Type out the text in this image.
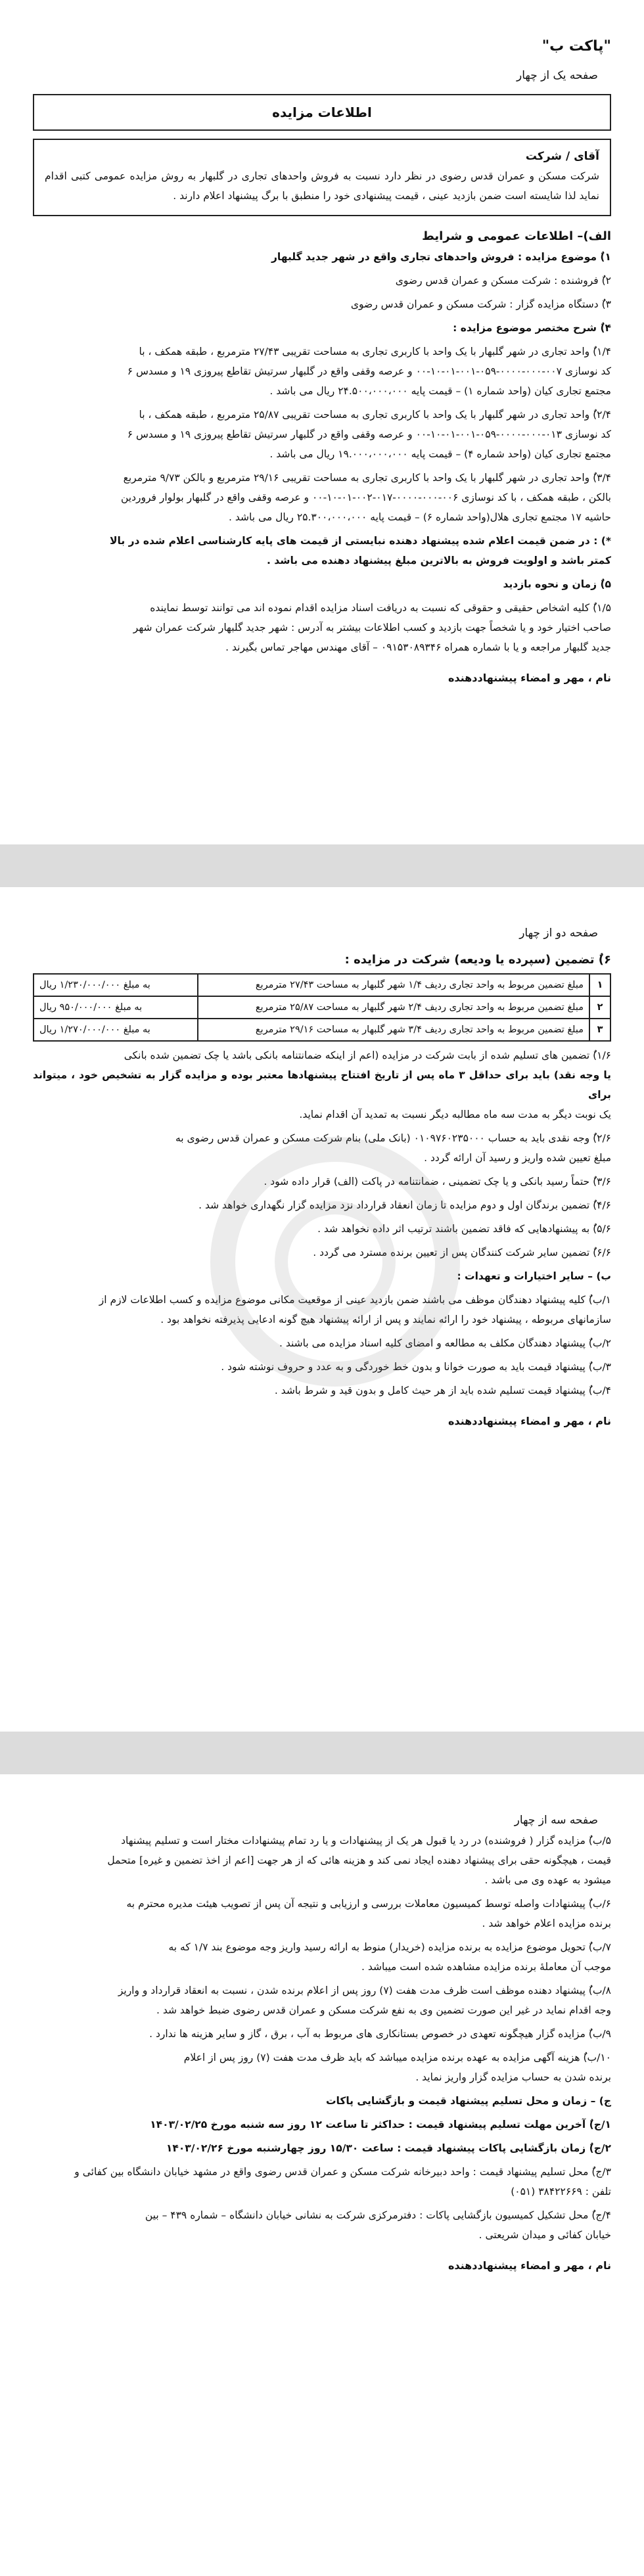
"پاکت ب"
صفحه یک از چهار
اطلاعات مزایده
آقای / شرکت
شرکت مسکن و عمران قدس رضوی در نظر دارد نسبت به فروش واحدهای تجاری در گلبهار به روش مزایده عمومی کتبی اقدام نماید لذا شایسته است ضمن بازدید عینی ، قیمت پیشنهادی خود را منطبق با برگ پیشنهاد اعلام دارند .
الف)– اطلاعات عمومی و شرایط
۱)ٌ موضوع مزایده : فروش واحدهای تجاری واقع در شهر جدید گلبهار
۲)ٌ فروشنده : شرکت مسکن و عمران قدس رضوی
۳)ٌ دستگاه مزایده گزار : شرکت مسکن و عمران قدس رضوی
۴)ٌ شرح مختصر موضوع مزایده :
۱/۴)ٌ واحد تجاری در شهر گلبهار با یک واحد با کاربری تجاری به مساحت تقریبی ۲۷/۴۳ مترمربع ، طبقه همکف ، با
کد نوسازی ۰۰۷-۰۰۰-۰۰۰۰-۰۵۹-۰۰۱-۰۱-۱۰-۰۰ و عرصه وقفی واقع در گلبهار سرتیش تقاطع پیروزی ۱۹ و مسدس ۶
مجتمع تجاری کیان (واحد شماره ۱) – قیمت پایه ۲۴.۵۰۰،۰۰۰،۰۰۰ ریال می باشد .
۲/۴)ٌ واحد تجاری در شهر گلبهار با یک واحد با کاربری تجاری به مساحت تقریبی ۲۵/۸۷ مترمربع ، طبقه همکف ، با
کد نوسازی ۰۱۳-۰۰۰-۰۰۰۰-۰۵۹-۰۰۱-۰۱-۱۰-۰۰ و عرصه وقفی واقع در گلبهار سرتیش تقاطع پیروزی ۱۹ و مسدس ۶
مجتمع تجاری کیان (واحد شماره ۴) – قیمت پایه ۱۹.۰۰۰،۰۰۰،۰۰۰ ریال می باشد .
۳/۴)ٌ واحد تجاری در شهر گلبهار با یک واحد با کاربری تجاری به مساحت تقریبی ۲۹/۱۶ مترمربع و بالکن ۹/۷۳ مترمربع
بالکن ، طبقه همکف ، با کد نوسازی ۰۰۶-۰۰۰-۰۰۰۰-۰۱۷-۰۰۲-۰۱-۱۰-۰۰ و عرصه وقفی واقع در گلبهار بولوار فروردین
حاشیه ۱۷ مجتمع تجاری هلال(واحد شماره ۶) – قیمت پایه ۲۵.۳۰۰،۰۰۰،۰۰۰ ریال می باشد .
*) : در ضمن قیمت اعلام شده پیشنهاد دهنده نبایستی از قیمت های پایه کارشناسی اعلام شده در بالا
کمتر باشد و اولویت فروش به بالاترین مبلغ پیشنهاد دهنده می باشد .
۵)ٌ زمان و نحوه بازدید
۱/۵)ٌ کلیه اشخاص حقیقی و حقوقی که نسبت به دریافت اسناد مزایده اقدام نموده اند می توانند توسط نماینده
صاحب اختیار خود و یا شخصاً جهت بازدید و کسب اطلاعات بیشتر به آدرس : شهر جدید گلبهار شرکت عمران شهر
جدید گلبهار مراجعه و یا با شماره همراه ۰۹۱۵۳۰۸۹۳۴۶ – آقای مهندس مهاجر تماس بگیرند .
نام ، مهر و امضاء پیشنهاددهنده
صفحه دو از چهار
۶)ٌ تضمین (سپرده یا ودیعه) شرکت در مزایده :
۱	مبلغ تضمین مربوط به واحد تجاری ردیف ۱/۴ شهر گلبهار به مساحت ۲۷/۴۳ مترمربع	به مبلغ ۱/۲۳۰/۰۰۰/۰۰۰ ریال
۲	مبلغ تضمین مربوط به واحد تجاری ردیف ۲/۴ شهر گلبهار به مساحت ۲۵/۸۷ مترمربع	به مبلغ ۹۵۰/۰۰۰/۰۰۰ ریال
۳	مبلغ تضمین مربوط به واحد تجاری ردیف ۳/۴ شهر گلبهار به مساحت ۲۹/۱۶ مترمربع	به مبلغ ۱/۲۷۰/۰۰۰/۰۰۰ ریال
۱/۶)ٌ تضمین های تسلیم شده از بابت شرکت در مزایده (اعم از اینکه ضمانتنامه بانکی باشد یا چک تضمین شده بانکی
یا وجه نقد) باید برای حداقل ۳ ماه پس از تاریخ افتتاح پیشنهادها معتبر بوده و مزایده گزار به تشخیص خود ، میتواند برای
یک نوبت دیگر به مدت سه ماه مطالبه دیگر نسبت به تمدید آن اقدام نماید.
۲/۶)ٌ وجه نقدی باید به حساب ۰۱۰۹۷۶۰۲۳۵۰۰۰ (بانک ملی) بنام شرکت مسکن و عمران قدس رضوی به
مبلغ تعیین شده واریز و رسید آن ارائه گردد .
۳/۶)ٌ حتماً رسید بانکی و یا چک تضمینی ، ضمانتنامه در پاکت (الف) قرار داده شود .
۴/۶)ٌ تضمین برندگان اول و دوم مزایده تا زمان انعقاد قرارداد نزد مزایده گزار نگهداری خواهد شد .
۵/۶)ٌ به پیشنهادهایی که فاقد تضمین باشند ترتیب اثر داده نخواهد شد .
۶/۶)ٌ تضمین سایر شرکت کنندگان پس از تعیین برنده مسترد می گردد .
ب) – سایر اختیارات و تعهدات :
۱/ب)ٌ کلیه پیشنهاد دهندگان موظف می باشند ضمن بازدید عینی از موقعیت مکانی موضوع مزایده و کسب اطلاعات لازم از
سازمانهای مربوطه ، پیشنهاد خود را ارائه نمایند و پس از ارائه پیشنهاد هیچ گونه ادعایی پذیرفته نخواهد بود .
۲/ب)ٌ پیشنهاد دهندگان مکلف به مطالعه و امضای کلیه اسناد مزایده می باشند .
۳/ب)ٌ پیشنهاد قیمت باید به صورت خوانا و بدون خط خوردگی و به عدد و حروف نوشته شود .
۴/ب)ٌ پیشنهاد قیمت تسلیم شده باید از هر حیث کامل و بدون قید و شرط باشد .
نام ، مهر و امضاء پیشنهاددهنده
صفحه سه از چهار
۵/ب)ٌ مزایده گزار ( فروشنده) در رد یا قبول هر یک از پیشنهادات و یا رد تمام پیشنهادات مختار است و تسلیم پیشنهاد
قیمت ، هیچگونه حقی برای پیشنهاد دهنده ایجاد نمی کند و هزینه هائی که از هر جهت [اعم از اخذ تضمین و غیره] متحمل
میشود به عهده وی می باشد .
۶/ب)ٌ پیشنهادات واصله توسط کمیسیون معاملات بررسی و ارزیابی و نتیجه آن پس از تصویب هیئت مدیره محترم به
برنده مزایده اعلام خواهد شد .
۷/ب)ٌ تحویل موضوع مزایده به برنده مزایده (خریدار) منوط به ارائه رسید واریز وجه موضوع بند ۱/۷ که به
موجب آن معاملۀ برنده مزایده مشاهده شده است میباشد .
۸/ب)ٌ پیشنهاد دهنده موظف است ظرف مدت هفت (۷) روز پس از اعلام برنده شدن ، نسبت به انعقاد قرارداد و واریز
وجه اقدام نماید در غیر این صورت تضمین وی به نفع شرکت مسکن و عمران قدس رضوی ضبط خواهد شد .
۹/ب)ٌ مزایده گزار هیچگونه تعهدی در خصوص بستانکاری های مربوط به آب ، برق ، گاز و سایر هزینه ها ندارد .
۱۰/ب)ٌ هزینه آگهی مزایده به عهده برنده مزایده میباشد که باید ظرف مدت هفت (۷) روز پس از اعلام
برنده شدن به حساب مزایده گزار واریز نماید .
ج) – زمان و محل تسلیم پیشنهاد قیمت و بازگشایی پاکات
۱/ج)ٌ آخرین مهلت تسلیم پیشنهاد قیمت : حداکثر تا ساعت ۱۲ روز سه شنبه مورخ ۱۴۰۳/۰۲/۲۵
۲/ج)ٌ زمان بازگشایی پاکات پیشنهاد قیمت : ساعت ۱۵/۳۰ روز چهارشنبه مورخ ۱۴۰۳/۰۲/۲۶
۳/ج)ٌ محل تسلیم پیشنهاد قیمت : واحد دبیرخانه شرکت مسکن و عمران قدس رضوی واقع در مشهد خیابان دانشگاه بین کفائی و
تلفن : ۳۸۴۲۲۶۶۹ (۰۵۱)
۴/ج)ٌ محل تشکیل کمیسیون بازگشایی پاکات : دفترمرکزی شرکت به نشانی خیابان دانشگاه – شماره ۴۳۹ – بین
خیابان کفائی و میدان شریعتی .
نام ، مهر و امضاء پیشنهاددهنده
